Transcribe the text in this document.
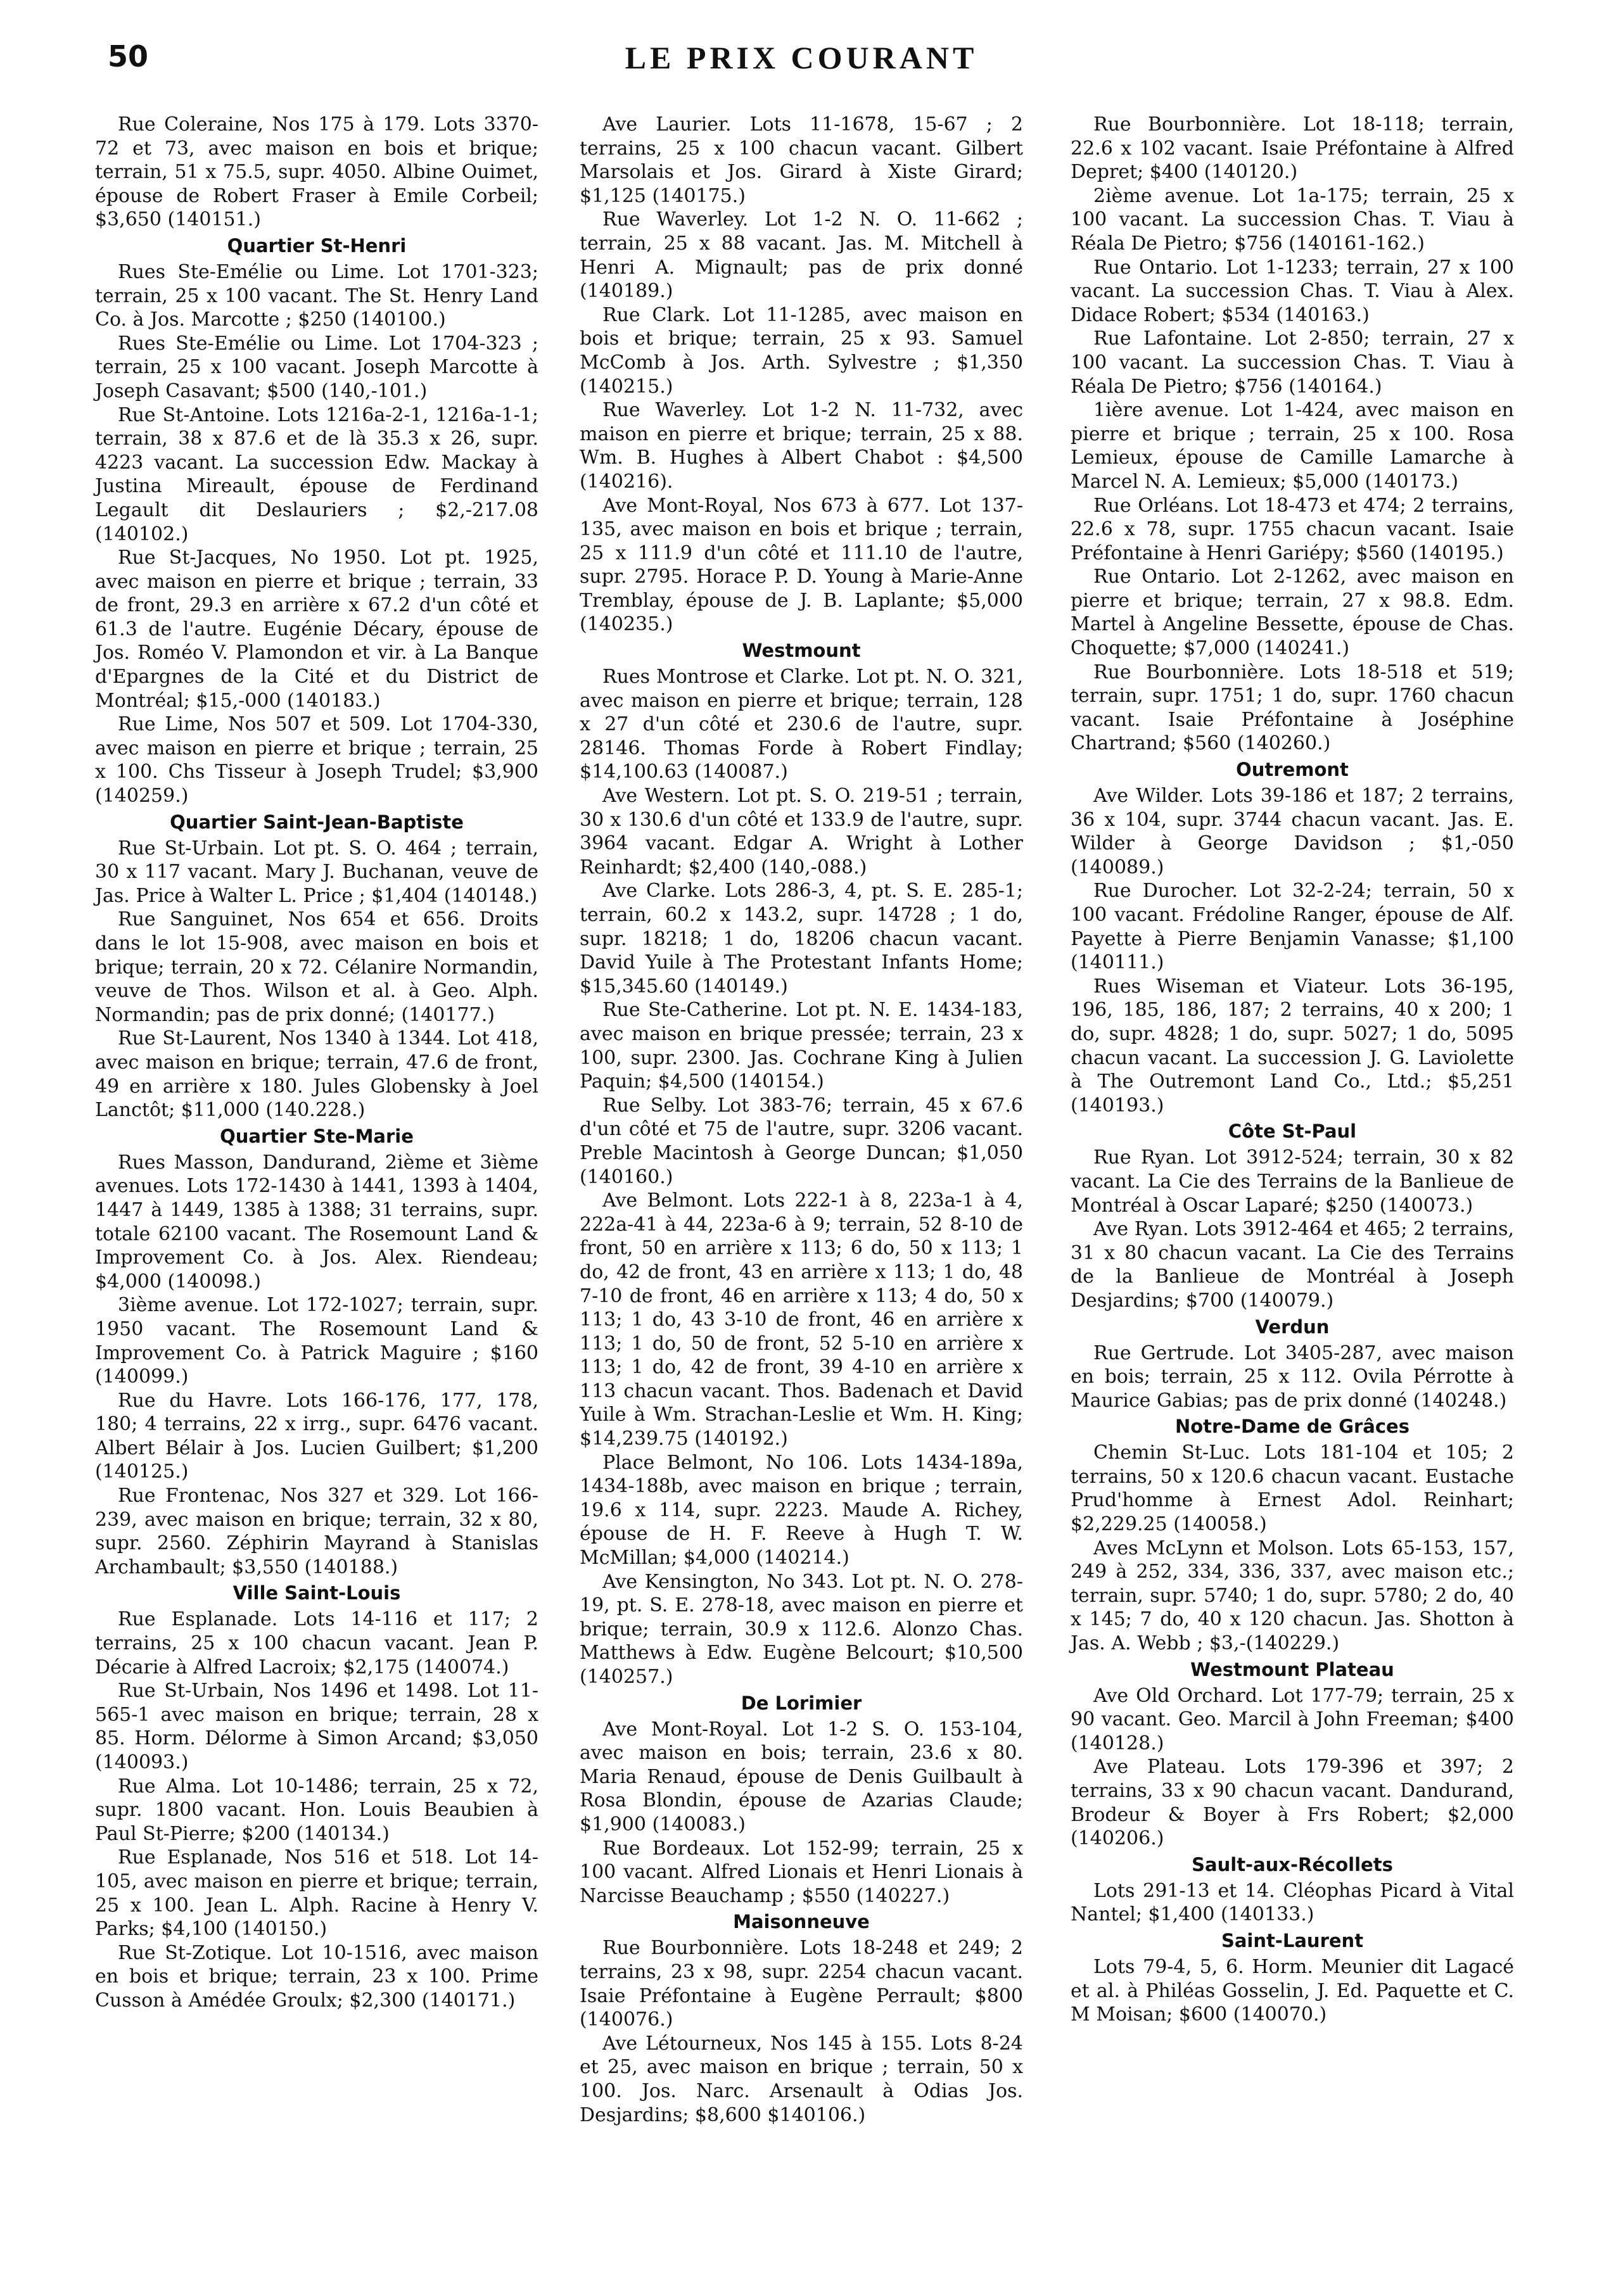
50	LE PRIX COURANT

Rue Coleraine, Nos 175 à 179. Lots 3370-72 et 73, avec maison en bois et brique; terrain, 51 x 75.5, supr. 4050. Albine Ouimet, épouse de Robert Fraser à Emile Corbeil; $3,650 (140151.)

Quartier St-Henri

Rues Ste-Emélie ou Lime. Lot 1701-323; terrain, 25 x 100 vacant. The St. Henry Land Co. à Jos. Marcotte ; $250 (140100.)

Rues Ste-Emélie ou Lime. Lot 1704-323 ; terrain, 25 x 100 vacant. Joseph Marcotte à Joseph Casavant; $500 (140,-101.)

Rue St-Antoine. Lots 1216a-2-1, 1216a-1-1; terrain, 38 x 87.6 et de là 35.3 x 26, supr. 4223 vacant. La succession Edw. Mackay à Justina Mireault, épouse de Ferdinand Legault dit Deslauriers ; $2,-217.08 (140102.)

Rue St-Jacques, No 1950. Lot pt. 1925, avec maison en pierre et brique ; terrain, 33 de front, 29.3 en arrière x 67.2 d'un côté et 61.3 de l'autre. Eugénie Décary, épouse de Jos. Roméo V. Plamondon et vir. à La Banque d'Epargnes de la Cité et du District de Montréal; $15,-000 (140183.)

Rue Lime, Nos 507 et 509. Lot 1704-330, avec maison en pierre et brique ; terrain, 25 x 100. Chs Tisseur à Joseph Trudel; $3,900 (140259.)

Quartier Saint-Jean-Baptiste

Rue St-Urbain. Lot pt. S. O. 464 ; terrain, 30 x 117 vacant. Mary J. Buchanan, veuve de Jas. Price à Walter L. Price ; $1,404 (140148.)

Rue Sanguinet, Nos 654 et 656. Droits dans le lot 15-908, avec maison en bois et brique; terrain, 20 x 72. Célanire Normandin, veuve de Thos. Wilson et al. à Geo. Alph. Normandin; pas de prix donné; (140177.)

Rue St-Laurent, Nos 1340 à 1344. Lot 418, avec maison en brique; terrain, 47.6 de front, 49 en arrière x 180. Jules Globensky à Joel Lanctôt; $11,000 (140.228.)

Quartier Ste-Marie

Rues Masson, Dandurand, 2ième et 3ième avenues. Lots 172-1430 à 1441, 1393 à 1404, 1447 à 1449, 1385 à 1388; 31 terrains, supr. totale 62100 vacant. The Rosemount Land & Improvement Co. à Jos. Alex. Riendeau; $4,000 (140098.)

3ième avenue. Lot 172-1027; terrain, supr. 1950 vacant. The Rosemount Land & Improvement Co. à Patrick Maguire ; $160 (140099.)

Rue du Havre. Lots 166-176, 177, 178, 180; 4 terrains, 22 x irrg., supr. 6476 vacant. Albert Bélair à Jos. Lucien Guilbert; $1,200 (140125.)

Rue Frontenac, Nos 327 et 329. Lot 166-239, avec maison en brique; terrain, 32 x 80, supr. 2560. Zéphirin Mayrand à Stanislas Archambault; $3,550 (140188.)

Ville Saint-Louis

Rue Esplanade. Lots 14-116 et 117; 2 terrains, 25 x 100 chacun vacant. Jean P. Décarie à Alfred Lacroix; $2,175 (140074.)

Rue St-Urbain, Nos 1496 et 1498. Lot 11-565-1 avec maison en brique; terrain, 28 x 85. Horm. Délorme à Simon Arcand; $3,050 (140093.)

Rue Alma. Lot 10-1486; terrain, 25 x 72, supr. 1800 vacant. Hon. Louis Beaubien à Paul St-Pierre; $200 (140134.)

Rue Esplanade, Nos 516 et 518. Lot 14-105, avec maison en pierre et brique; terrain, 25 x 100. Jean L. Alph. Racine à Henry V. Parks; $4,100 (140150.)

Rue St-Zotique. Lot 10-1516, avec maison en bois et brique; terrain, 23 x 100. Prime Cusson à Amédée Groulx; $2,300 (140171.)

Ave Laurier. Lots 11-1678, 15-67 ; 2 terrains, 25 x 100 chacun vacant. Gilbert Marsolais et Jos. Girard à Xiste Girard; $1,125 (140175.)

Rue Waverley. Lot 1-2 N. O. 11-662 ; terrain, 25 x 88 vacant. Jas. M. Mitchell à Henri A. Mignault; pas de prix donné (140189.)

Rue Clark. Lot 11-1285, avec maison en bois et brique; terrain, 25 x 93. Samuel McComb à Jos. Arth. Sylvestre ; $1,350 (140215.)

Rue Waverley. Lot 1-2 N. 11-732, avec maison en pierre et brique; terrain, 25 x 88. Wm. B. Hughes à Albert Chabot : $4,500 (140216).

Ave Mont-Royal, Nos 673 à 677. Lot 137-135, avec maison en bois et brique ; terrain, 25 x 111.9 d'un côté et 111.10 de l'autre, supr. 2795. Horace P. D. Young à Marie-Anne Tremblay, épouse de J. B. Laplante; $5,000 (140235.)

Westmount

Rues Montrose et Clarke. Lot pt. N. O. 321, avec maison en pierre et brique; terrain, 128 x 27 d'un côté et 230.6 de l'autre, supr. 28146. Thomas Forde à Robert Findlay; $14,100.63 (140087.)

Ave Western. Lot pt. S. O. 219-51 ; terrain, 30 x 130.6 d'un côté et 133.9 de l'autre, supr. 3964 vacant. Edgar A. Wright à Lother Reinhardt; $2,400 (140,-088.)

Ave Clarke. Lots 286-3, 4, pt. S. E. 285-1; terrain, 60.2 x 143.2, supr. 14728 ; 1 do, supr. 18218; 1 do, 18206 chacun vacant. David Yuile à The Protestant Infants Home; $15,345.60 (140149.)

Rue Ste-Catherine. Lot pt. N. E. 1434-183, avec maison en brique pressée; terrain, 23 x 100, supr. 2300. Jas. Cochrane King à Julien Paquin; $4,500 (140154.)

Rue Selby. Lot 383-76; terrain, 45 x 67.6 d'un côté et 75 de l'autre, supr. 3206 vacant. Preble Macintosh à George Duncan; $1,050 (140160.)

Ave Belmont. Lots 222-1 à 8, 223a-1 à 4, 222a-41 à 44, 223a-6 à 9; terrain, 52 8-10 de front, 50 en arrière x 113; 6 do, 50 x 113; 1 do, 42 de front, 43 en arrière x 113; 1 do, 48 7-10 de front, 46 en arrière x 113; 4 do, 50 x 113; 1 do, 43 3-10 de front, 46 en arrière x 113; 1 do, 50 de front, 52 5-10 en arrière x 113; 1 do, 42 de front, 39 4-10 en arrière x 113 chacun vacant. Thos. Badenach et David Yuile à Wm. Strachan-Leslie et Wm. H. King; $14,239.75 (140192.)

Place Belmont, No 106. Lots 1434-189a, 1434-188b, avec maison en brique ; terrain, 19.6 x 114, supr. 2223. Maude A. Richey, épouse de H. F. Reeve à Hugh T. W. McMillan; $4,000 (140214.)

Ave Kensington, No 343. Lot pt. N. O. 278-19, pt. S. E. 278-18, avec maison en pierre et brique; terrain, 30.9 x 112.6. Alonzo Chas. Matthews à Edw. Eugène Belcourt; $10,500 (140257.)

De Lorimier

Ave Mont-Royal. Lot 1-2 S. O. 153-104, avec maison en bois; terrain, 23.6 x 80. Maria Renaud, épouse de Denis Guilbault à Rosa Blondin, épouse de Azarias Claude; $1,900 (140083.)

Rue Bordeaux. Lot 152-99; terrain, 25 x 100 vacant. Alfred Lionais et Henri Lionais à Narcisse Beauchamp ; $550 (140227.)

Maisonneuve

Rue Bourbonnière. Lots 18-248 et 249; 2 terrains, 23 x 98, supr. 2254 chacun vacant. Isaie Préfontaine à Eugène Perrault; $800 (140076.)

Ave Létourneux, Nos 145 à 155. Lots 8-24 et 25, avec maison en brique ; terrain, 50 x 100. Jos. Narc. Arsenault à Odias Jos. Desjardins; $8,600 $140106.)

Rue Bourbonnière. Lot 18-118; terrain, 22.6 x 102 vacant. Isaie Préfontaine à Alfred Depret; $400 (140120.)

2ième avenue. Lot 1a-175; terrain, 25 x 100 vacant. La succession Chas. T. Viau à Réala De Pietro; $756 (140161-162.)

Rue Ontario. Lot 1-1233; terrain, 27 x 100 vacant. La succession Chas. T. Viau à Alex. Didace Robert; $534 (140163.)

Rue Lafontaine. Lot 2-850; terrain, 27 x 100 vacant. La succession Chas. T. Viau à Réala De Pietro; $756 (140164.)

1ière avenue. Lot 1-424, avec maison en pierre et brique ; terrain, 25 x 100. Rosa Lemieux, épouse de Camille Lamarche à Marcel N. A. Lemieux; $5,000 (140173.)

Rue Orléans. Lot 18-473 et 474; 2 terrains, 22.6 x 78, supr. 1755 chacun vacant. Isaie Préfontaine à Henri Gariépy; $560 (140195.)

Rue Ontario. Lot 2-1262, avec maison en pierre et brique; terrain, 27 x 98.8. Edm. Martel à Angeline Bessette, épouse de Chas. Choquette; $7,000 (140241.)

Rue Bourbonnière. Lots 18-518 et 519; terrain, supr. 1751; 1 do, supr. 1760 chacun vacant. Isaie Préfontaine à Joséphine Chartrand; $560 (140260.)

Outremont

Ave Wilder. Lots 39-186 et 187; 2 terrains, 36 x 104, supr. 3744 chacun vacant. Jas. E. Wilder à George Davidson ; $1,-050 (140089.)

Rue Durocher. Lot 32-2-24; terrain, 50 x 100 vacant. Frédoline Ranger, épouse de Alf. Payette à Pierre Benjamin Vanasse; $1,100 (140111.)

Rues Wiseman et Viateur. Lots 36-195, 196, 185, 186, 187; 2 terrains, 40 x 200; 1 do, supr. 4828; 1 do, supr. 5027; 1 do, 5095 chacun vacant. La succession J. G. Laviolette à The Outremont Land Co., Ltd.; $5,251 (140193.)

Côte St-Paul

Rue Ryan. Lot 3912-524; terrain, 30 x 82 vacant. La Cie des Terrains de la Banlieue de Montréal à Oscar Laparé; $250 (140073.)

Ave Ryan. Lots 3912-464 et 465; 2 terrains, 31 x 80 chacun vacant. La Cie des Terrains de la Banlieue de Montréal à Joseph Desjardins; $700 (140079.)

Verdun

Rue Gertrude. Lot 3405-287, avec maison en bois; terrain, 25 x 112. Ovila Pérrotte à Maurice Gabias; pas de prix donné (140248.)

Notre-Dame de Grâces

Chemin St-Luc. Lots 181-104 et 105; 2 terrains, 50 x 120.6 chacun vacant. Eustache Prud'homme à Ernest Adol. Reinhart; $2,229.25 (140058.)

Aves McLynn et Molson. Lots 65-153, 157, 249 à 252, 334, 336, 337, avec maison etc.; terrain, supr. 5740; 1 do, supr. 5780; 2 do, 40 x 145; 7 do, 40 x 120 chacun. Jas. Shotton à Jas. A. Webb ; $3,-(140229.)

Westmount Plateau

Ave Old Orchard. Lot 177-79; terrain, 25 x 90 vacant. Geo. Marcil à John Freeman; $400 (140128.)

Ave Plateau. Lots 179-396 et 397; 2 terrains, 33 x 90 chacun vacant. Dandurand, Brodeur & Boyer à Frs Robert; $2,000 (140206.)

Sault-aux-Récollets

Lots 291-13 et 14. Cléophas Picard à Vital Nantel; $1,400 (140133.)

Saint-Laurent

Lots 79-4, 5, 6. Horm. Meunier dit Lagacé et al. à Philéas Gosselin, J. Ed. Paquette et C. M Moisan; $600 (140070.)
